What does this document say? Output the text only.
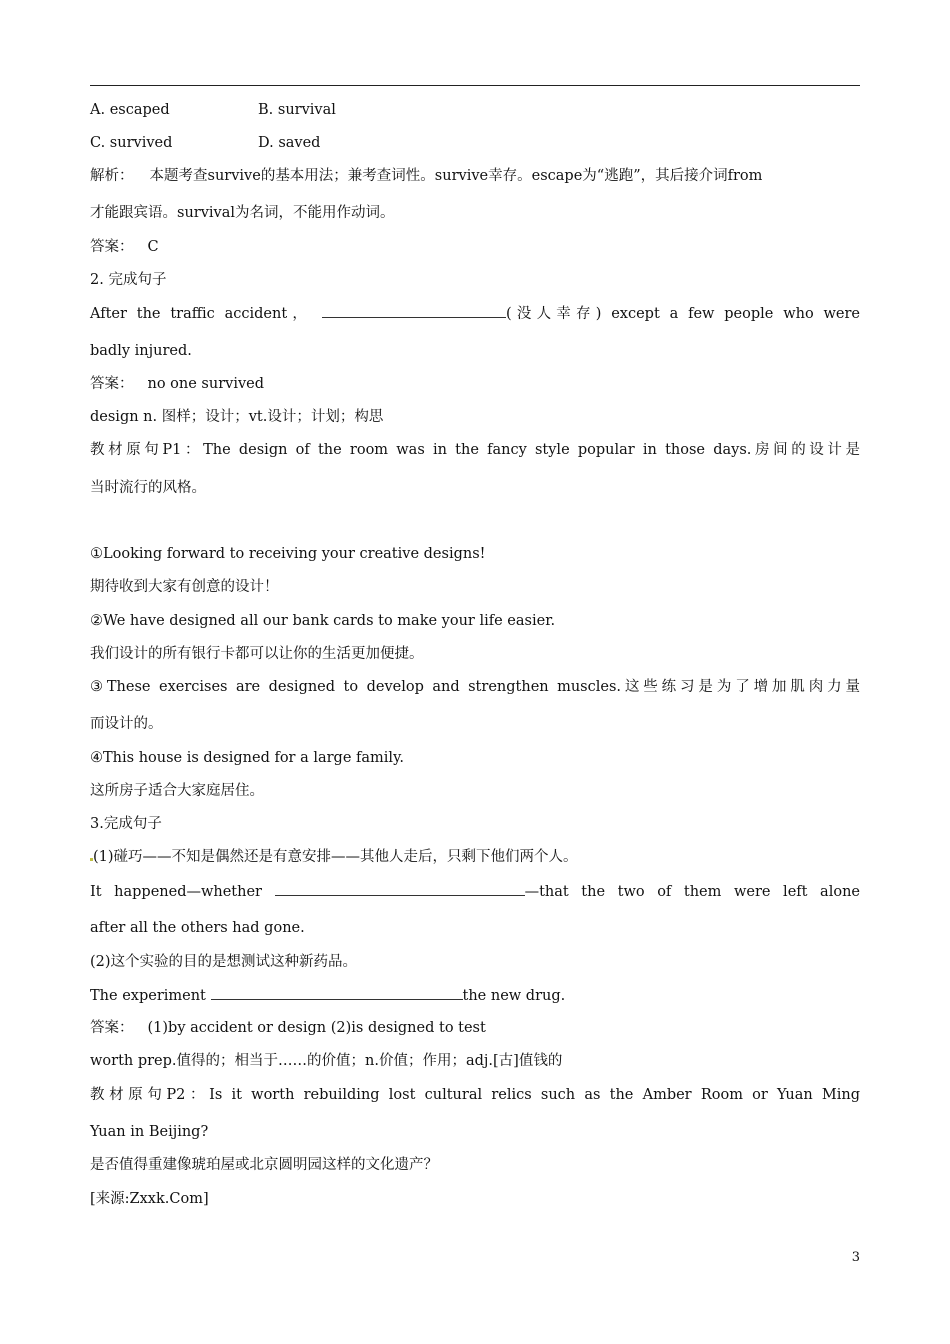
A. escaped	B. survival
C. survived	D. saved
解析： 本题考查survive的基本用法；兼考查词性。survive幸存。escape为“逃跑”，其后接介词from
才能跟宾语。survival为名词，不能用作动词。
答案： C
2. 完成句子
After the traffic accident，	(没人幸存) except a few people who were
badly injured.
答案： no one survived
design n. 图样；设计；vt.设计；计划；构思
教材原句P1：The design of the room was in the fancy style popular in those days.房间的设计是
当时流行的风格。
①Looking forward to receiving your creative designs!
期待收到大家有创意的设计！
②We have designed all our bank cards to make your life easier.
我们设计的所有银行卡都可以让你的生活更加便捷。
③These exercises are designed to develop and strengthen muscles.这些练习是为了增加肌肉力量
而设计的。
④This house is designed for a large family.
这所房子适合大家庭居住。
3.完成句子
(1)碰巧——不知是偶然还是有意安排——其他人走后，只剩下他们两个人。
It happened—whether	—that the two of them were left alone
after all the others had gone.
(2)这个实验的目的是想测试这种新药品。
The experiment	the new drug.
答案： (1)by accident or design (2)is designed to test
worth prep.值得的；相当于……的价值；n.价值；作用；adj.[古]值钱的
教材原句P2：Is it worth rebuilding lost cultural relics such as the Amber Room or Yuan Ming
Yuan in Beijing?
是否值得重建像琥珀屋或北京圆明园这样的文化遗产？
[来源:Zxxk.Com]
3
